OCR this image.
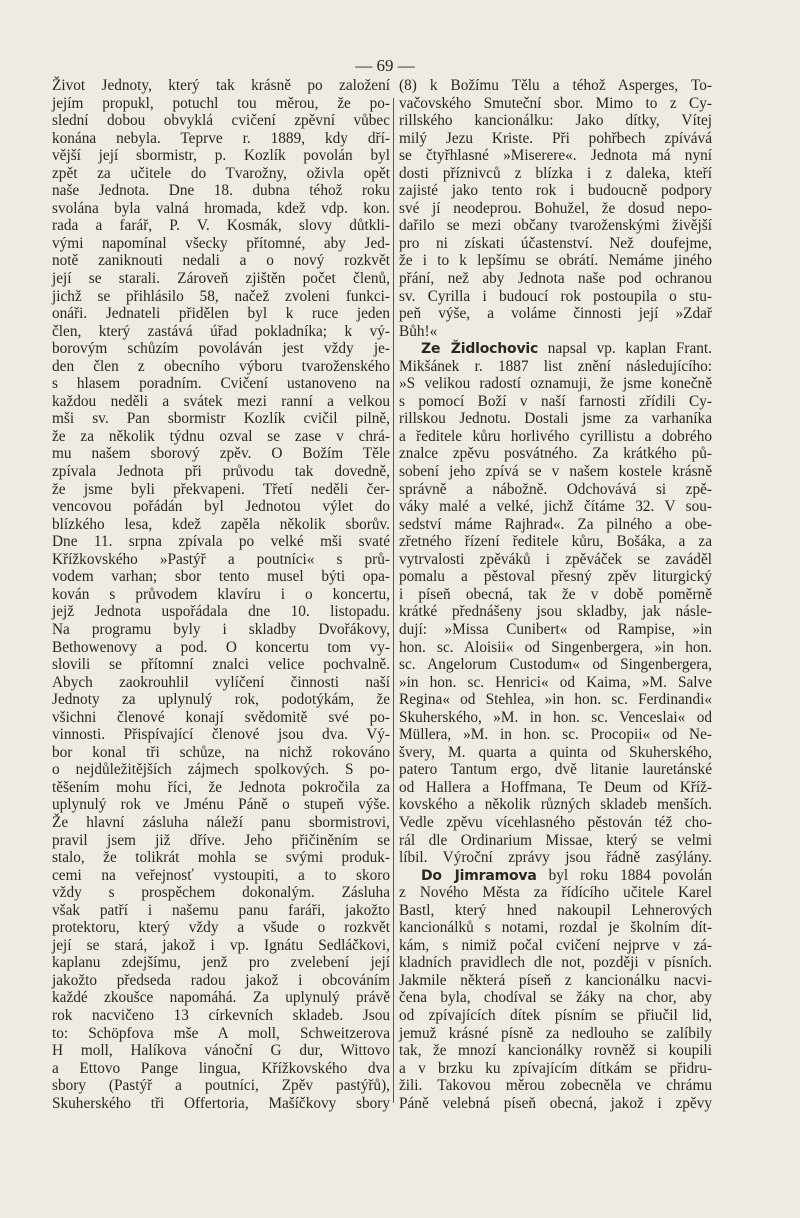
— 69 —
Život Jednoty, který tak krásně po založení
jejím propukl, potuchl tou měrou, že po-
slední dobou obvyklá cvičení zpěvní vůbec
konána nebyla. Teprve r. 1889, kdy dří-
vější její sbormistr, p. Kozlík povolán byl
zpět za učitele do Tvarožny, oživla opět
naše Jednota. Dne 18. dubna téhož roku
svolána byla valná hromada, kdež vdp. kon.
rada a farář, P. V. Kosmák, slovy důtkli-
vými napomínal všecky přítomné, aby Jed-
notě zaniknouti nedali a o nový rozkvět
její se starali. Zároveň zjištěn počet členů,
jichž se přihlásilo 58, načež zvoleni funkci-
onáři. Jednateli přidělen byl k ruce jeden
člen, který zastává úřad pokladníka; k vý-
borovým schůzím povoláván jest vždy je-
den člen z obecního výboru tvaroženského
s hlasem poradním. Cvičení ustanoveno na
každou neděli a svátek mezi ranní a velkou
mši sv. Pan sbormistr Kozlík cvičil pilně,
že za několik týdnu ozval se zase v chrá-
mu našem sborový zpěv. O Božím Těle
zpívala Jednota při průvodu tak dovedně,
že jsme byli překvapeni. Třetí neděli čer-
vencovou pořádán byl Jednotou výlet do
blízkého lesa, kdež zapěla několik sborův.
Dne 11. srpna zpívala po velké mši svaté
Křížkovského »Pastýř a poutníci« s prů-
vodem varhan; sbor tento musel býti opa-
kován s průvodem klavíru i o koncertu,
jejž Jednota uspořádala dne 10. listopadu.
Na programu byly i skladby Dvořákovy,
Bethowenovy a pod. O koncertu tom vy-
slovili se přítomní znalci velice pochvalně.
Abych zaokrouhlil vylíčení činnosti naší
Jednoty za uplynulý rok, podotýkám, že
všichni členové konají svědomitě své po-
vinnosti. Přispívající členové jsou dva. Vý-
bor konal tři schůze, na nichž rokováno
o nejdůležitějších zájmech spolkových. S po-
těšením mohu říci, že Jednota pokročila za
uplynulý rok ve Jménu Páně o stupeň výše.
Že hlavní zásluha náleží panu sbormistrovi,
pravil jsem již dříve. Jeho přičiněním se
stalo, že tolikrát mohla se svými produk-
cemi na veřejnosť vystoupiti, a to skoro
vždy s prospěchem dokonalým. Zásluha
však patří i našemu panu faráři, jakožto
protektoru, který vždy a všude o rozkvět
její se stará, jakož i vp. Ignátu Sedláčkovi,
kaplanu zdejšímu, jenž pro zvelebení její
jakožto předseda radou jakož i obcováním
každé zkoušce napomáhá. Za uplynulý právě
rok nacvičeno 13 církevních skladeb. Jsou
to: Schöpfova mše A moll, Schweitzerova
H moll, Halíkova vánoční G dur, Wittovo
a Ettovo Pange lingua, Křížkovského dva
sbory (Pastýř a poutníci, Zpěv pastýřů),
Skuherského tři Offertoria, Mašíčkovy sbory
(8) k Božímu Tělu a téhož Asperges, To-
vačovského Smuteční sbor. Mimo to z Cy-
rillského kancionálku: Jako dítky, Vítej
milý Jezu Kriste. Při pohřbech zpívává
se čtyřhlasné »Miserere«. Jednota má nyní
dosti příznivců z blízka i z daleka, kteří
zajisté jako tento rok i budoucně podpory
své jí neodeprou. Bohužel, že dosud nepo-
dařilo se mezi občany tvaroženskými živější
pro ni získati účastenství. Než doufejme,
že i to k lepšímu se obrátí. Nemáme jiného
přání, než aby Jednota naše pod ochranou
sv. Cyrilla i budoucí rok postoupila o stu-
peň výše, a voláme činnosti její »Zdař
Bůh!«
Ze Židlochovic napsal vp. kaplan Frant.
Mikšánek r. 1887 list znění následujícího:
»S velikou radostí oznamuji, že jsme konečně
s pomocí Boží v naší farnosti zřídili Cy-
rillskou Jednotu. Dostali jsme za varhaníka
a ředitele kůru horlivého cyrillistu a dobrého
znalce zpěvu posvátného. Za krátkého pů-
sobení jeho zpívá se v našem kostele krásně
správně a nábožně. Odchovává si zpě-
váky malé a velké, jichž čítáme 32. V sou-
sedství máme Rajhrad«. Za pilného a obe-
zřetného řízení ředitele kůru, Bošáka, a za
vytrvalosti zpěváků i zpěváček se zaváděl
pomalu a pěstoval přesný zpěv liturgický
i píseň obecná, tak že v době poměrně
krátké přednášeny jsou skladby, jak násle-
dují: »Missa Cunibert« od Rampise, »in
hon. sc. Aloisii« od Singenbergera, »in hon.
sc. Angelorum Custodum« od Singenbergera,
»in hon. sc. Henrici« od Kaima, »M. Salve
Regina« od Stehlea, »in hon. sc. Ferdinandi«
Skuherského, »M. in hon. sc. Venceslai« od
Müllera, »M. in hon. sc. Procopii« od Ne-
švery, M. quarta a quinta od Skuherského,
patero Tantum ergo, dvě litanie lauretánské
od Hallera a Hoffmana, Te Deum od Kříž-
kovského a několik různých skladeb menších.
Vedle zpěvu vícehlasného pěstován též cho-
rál dle Ordinarium Missae, který se velmi
líbil. Výroční zprávy jsou řádně zasýlány.
Do Jimramova byl roku 1884 povolán
z Nového Města za řídícího učitele Karel
Bastl, který hned nakoupil Lehnerových
kancionálků s notami, rozdal je školním dít-
kám, s nimiž počal cvičení nejprve v zá-
kladních pravidlech dle not, později v písních.
Jakmile některá píseň z kancionálku nacvi-
čena byla, chodíval se žáky na chor, aby
od zpívajících dítek písním se přiučil lid,
jemuž krásné písně za nedlouho se zalíbily
tak, že mnozí kancionálky rovněž si koupili
a v brzku ku zpívajícím dítkám se přidru-
žili. Takovou měrou zobecněla ve chrámu
Páně velebná píseň obecná, jakož i zpěvy
